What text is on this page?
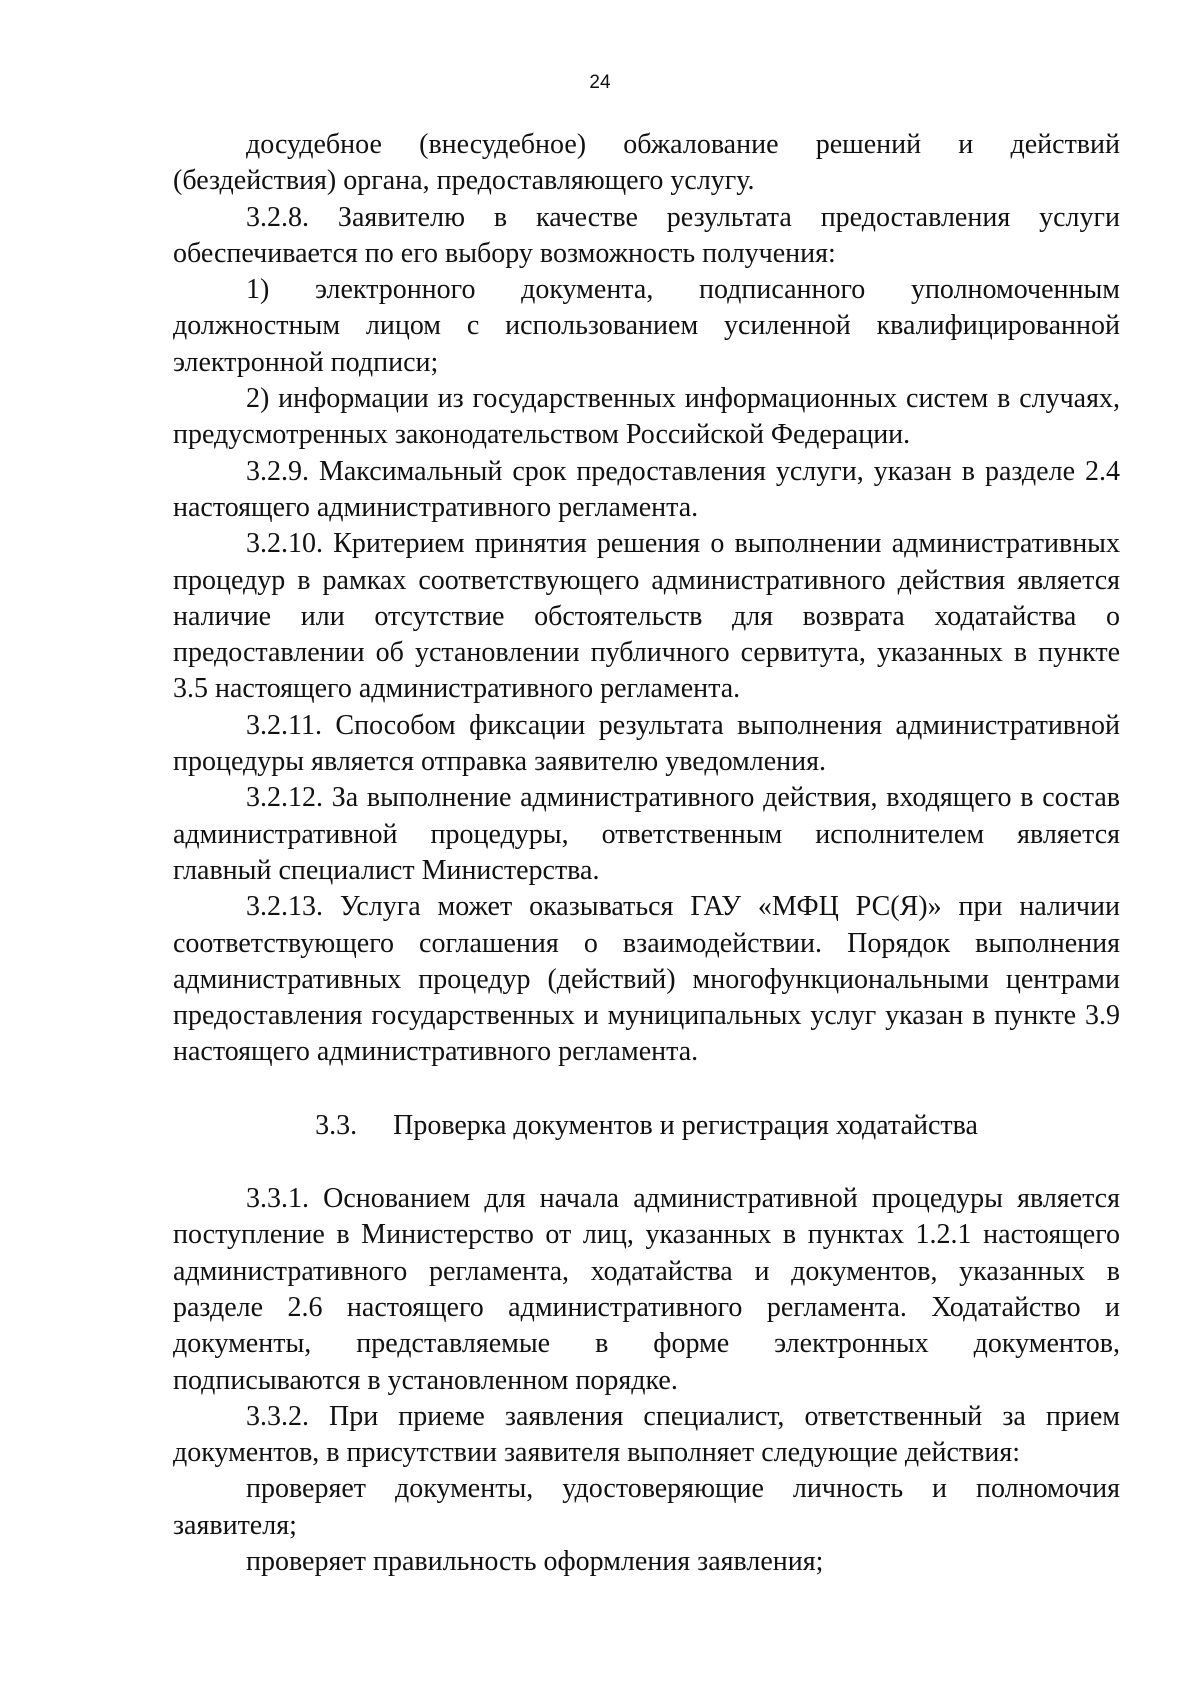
24

досудебное (внесудебное) обжалование решений и действий (бездействия) органа, предоставляющего услугу.

3.2.8. Заявителю в качестве результата предоставления услуги обеспечивается по его выбору возможность получения:

1) электронного документа, подписанного уполномоченным должностным лицом с использованием усиленной квалифицированной электронной подписи;

2) информации из государственных информационных систем в случаях, предусмотренных законодательством Российской Федерации.

3.2.9. Максимальный срок предоставления услуги, указан в разделе 2.4 настоящего административного регламента.

3.2.10. Критерием принятия решения о выполнении административных процедур в рамках соответствующего административного действия является наличие или отсутствие обстоятельств для возврата ходатайства о предоставлении об установлении публичного сервитута, указанных в пункте 3.5 настоящего административного регламента.

3.2.11. Способом фиксации результата выполнения административной процедуры является отправка заявителю уведомления.

3.2.12. За выполнение административного действия, входящего в состав административной процедуры, ответственным исполнителем является главный специалист Министерства.

3.2.13. Услуга может оказываться ГАУ «МФЦ РС(Я)» при наличии соответствующего соглашения о взаимодействии. Порядок выполнения административных процедур (действий) многофункциональными центрами предоставления государственных и муниципальных услуг указан в пункте 3.9 настоящего административного регламента.

3.3. Проверка документов и регистрация ходатайства

3.3.1. Основанием для начала административной процедуры является поступление в Министерство от лиц, указанных в пунктах 1.2.1 настоящего административного регламента, ходатайства и документов, указанных в разделе 2.6 настоящего административного регламента. Ходатайство и документы, представляемые в форме электронных документов, подписываются в установленном порядке.

3.3.2. При приеме заявления специалист, ответственный за прием документов, в присутствии заявителя выполняет следующие действия:

проверяет документы, удостоверяющие личность и полномочия заявителя;

проверяет правильность оформления заявления;
